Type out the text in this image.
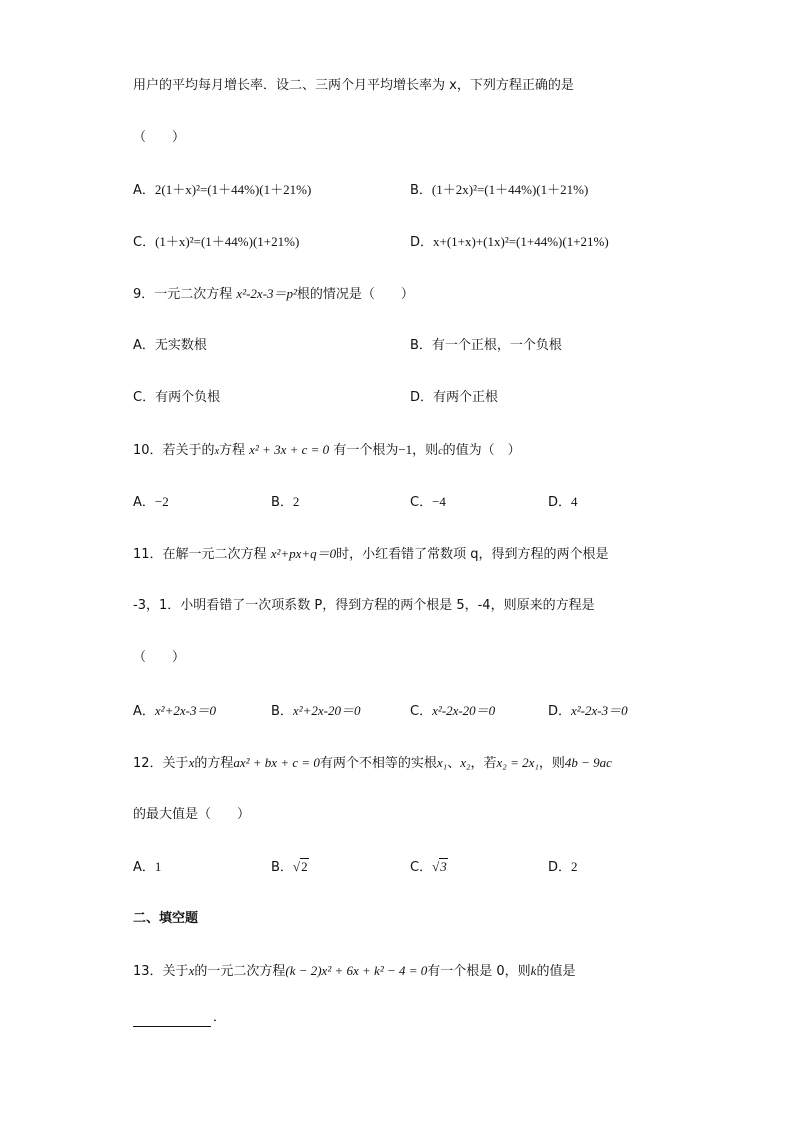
用户的平均每月增长率．设二、三两个月平均增长率为 x，下列方程正确的是
（　　）
A．2(1＋x)²=(1＋44%)(1＋21%)	B．(1＋2x)²=(1＋44%)(1＋21%)
C．(1＋x)²=(1＋44%)(1+21%)	D．x+(1+x)+(1x)²=(1+44%)(1+21%)
9．一元二次方程 x²-2x-3＝p²根的情况是（　　）
A．无实数根	B．有一个正根，一个负根
C．有两个负根	D．有两个正根
10．若关于的x方程 x² + 3x + c = 0 有一个根为−1，则c的值为（　）
A．−2	B．2	C．−4	D．4
11．在解一元二次方程 x²+px+q＝0时，小红看错了常数项 q，得到方程的两个根是
-3，1．小明看错了一次项系数 P，得到方程的两个根是 5，-4，则原来的方程是
（　　）
A．x²+2x-3＝0	B．x²+2x-20＝0	C．x²-2x-20＝0	D．x²-2x-3＝0
12．关于x的方程ax² + bx + c = 0有两个不相等的实根x₁、x₂，若x₂ = 2x₁，则4b − 9ac
的最大值是（　　）
A．1	B．√2	C．√3	D．2
二、填空题
13．关于x的一元二次方程(k − 2)x² + 6x + k² − 4 = 0有一个根是 0，则k的值是
．
